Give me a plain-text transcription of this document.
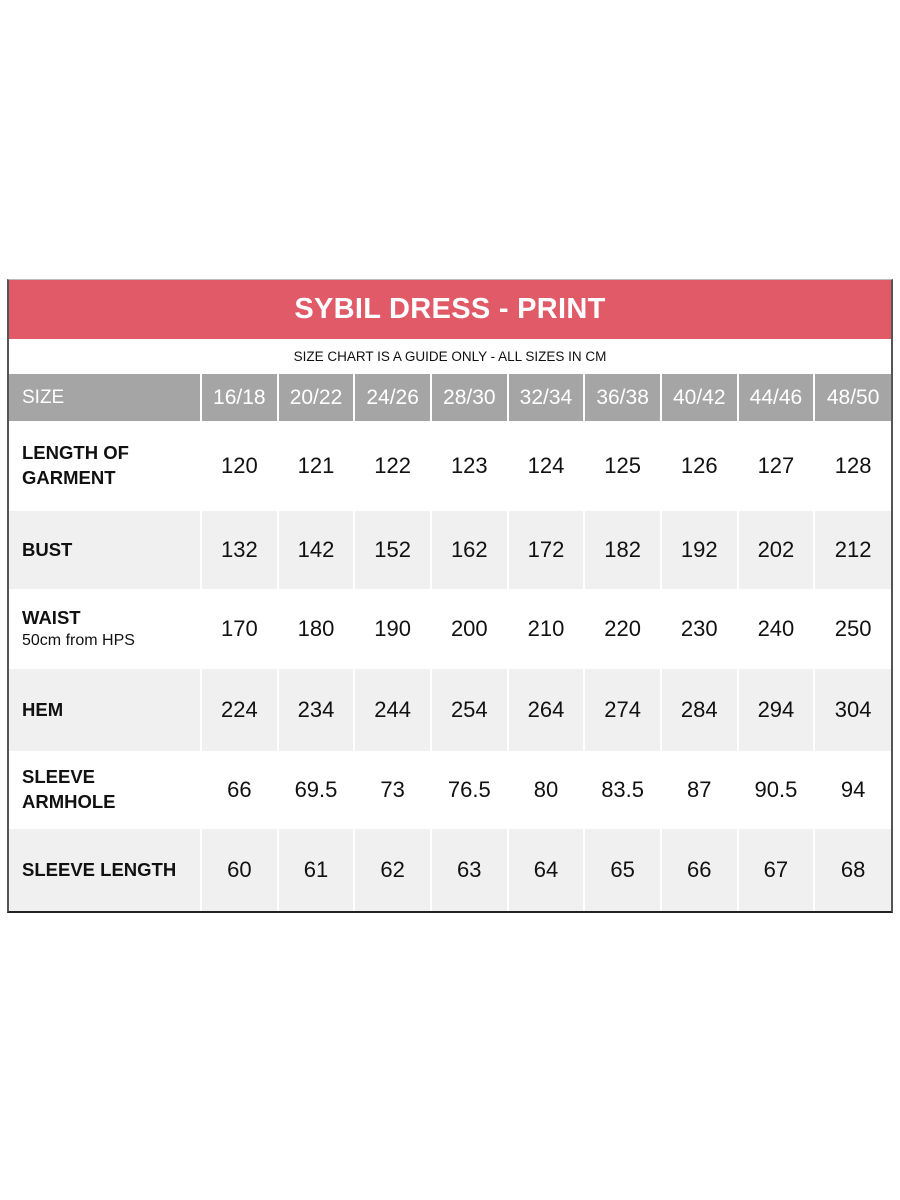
SYBIL DRESS - PRINT
SIZE CHART IS A GUIDE ONLY - ALL SIZES IN CM
SIZE	16/18	20/22	24/26	28/30	32/34	36/38	40/42	44/46	48/50
LENGTH OF
GARMENT	120	121	122	123	124	125	126	127	128
BUST	132	142	152	162	172	182	192	202	212
WAIST
50cm from HPS	170	180	190	200	210	220	230	240	250
HEM	224	234	244	254	264	274	284	294	304
SLEEVE
ARMHOLE	66	69.5	73	76.5	80	83.5	87	90.5	94
SLEEVE LENGTH	60	61	62	63	64	65	66	67	68
